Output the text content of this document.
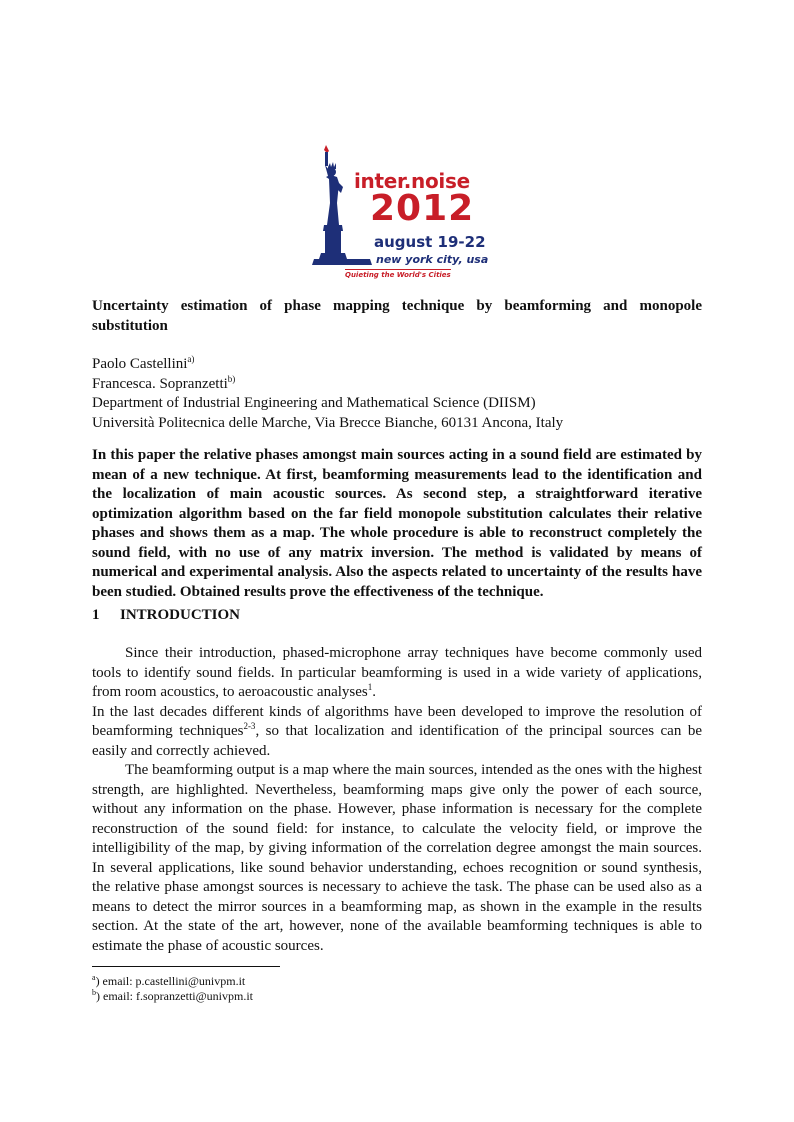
inter.noise
2012
august 19-22
new york city, usa
Quieting the World's Cities
Uncertainty estimation of phase mapping technique by beamforming and monopole substitution
Paolo Castellini$^{a)}$
Francesca. Sopranzetti$^{b)}$
Department of Industrial Engineering and Mathematical Science (DIISM)
Università Politecnica delle Marche, Via Brecce Bianche, 60131 Ancona, Italy
In this paper the relative phases amongst main sources acting in a sound field are estimated by mean of a new technique. At first, beamforming measurements lead to the identification and the localization of main acoustic sources. As second step, a straightforward iterative optimization algorithm based on the far field monopole substitution calculates their relative phases and shows them as a map. The whole procedure is able to reconstruct completely the sound field, with no use of any matrix inversion. The method is validated by means of numerical and experimental analysis. Also the aspects related to uncertainty of the results have been studied. Obtained results prove the effectiveness of the technique.
1 INTRODUCTION

Since their introduction, phased-microphone array techniques have become commonly used tools to identify sound fields. In particular beamforming is used in a wide variety of applications, from room acoustics, to aeroacoustic analyses$^1$.

In the last decades different kinds of algorithms have been developed to improve the resolution of beamforming techniques$^{2-3}$, so that localization and identification of the principal sources can be easily and correctly achieved.

The beamforming output is a map where the main sources, intended as the ones with the highest strength, are highlighted. Nevertheless, beamforming maps give only the power of each source, without any information on the phase. However, phase information is necessary for the complete reconstruction of the sound field: for instance, to calculate the velocity field, or improve the intelligibility of the map, by giving information of the correlation degree amongst the main sources. In several applications, like sound behavior understanding, echoes recognition or sound synthesis, the relative phase amongst sources is necessary to achieve the task. The phase can be used also as a means to detect the mirror sources in a beamforming map, as shown in the example in the results section. At the state of the art, however, none of the available beamforming techniques is able to estimate the phase of acoustic sources.

$^a$) email: p.castellini@univpm.it
$^b$) email: f.sopranzetti@univpm.it
